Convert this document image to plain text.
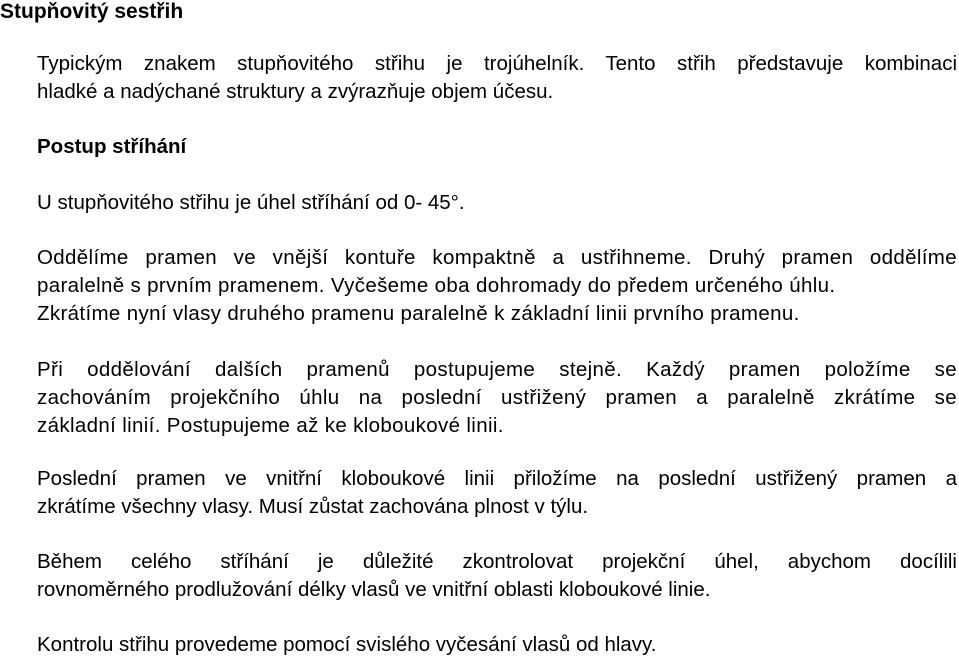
Stupňovitý sestřih

Typickým znakem stupňovitého střihu je trojúhelník. Tento střih představuje kombinaci
hladké a nadýchané struktury a zvýrazňuje objem účesu.

Postup stříhání

U stupňovitého střihu je úhel stříhání od 0- 45°.

Oddělíme pramen ve vnější kontuře kompaktně a ustřihneme. Druhý pramen oddělíme
paralelně s prvním pramenem. Vyčešeme oba dohromady do předem určeného úhlu.
Zkrátíme nyní vlasy druhého pramenu paralelně k základní linii prvního pramenu.

Při oddělování dalších pramenů postupujeme stejně. Každý pramen položíme se
zachováním projekčního úhlu na poslední ustřižený pramen a paralelně zkrátíme se
základní linií. Postupujeme až ke kloboukové linii.

Poslední pramen ve vnitřní kloboukové linii přiložíme na poslední ustřižený pramen a
zkrátíme všechny vlasy. Musí zůstat zachována plnost v týlu.

Během celého stříhání je důležité zkontrolovat projekční úhel, abychom docílili
rovnoměrného prodlužování délky vlasů ve vnitřní oblasti kloboukové linie.

Kontrolu střihu provedeme pomocí svislého vyčesání vlasů od hlavy.
